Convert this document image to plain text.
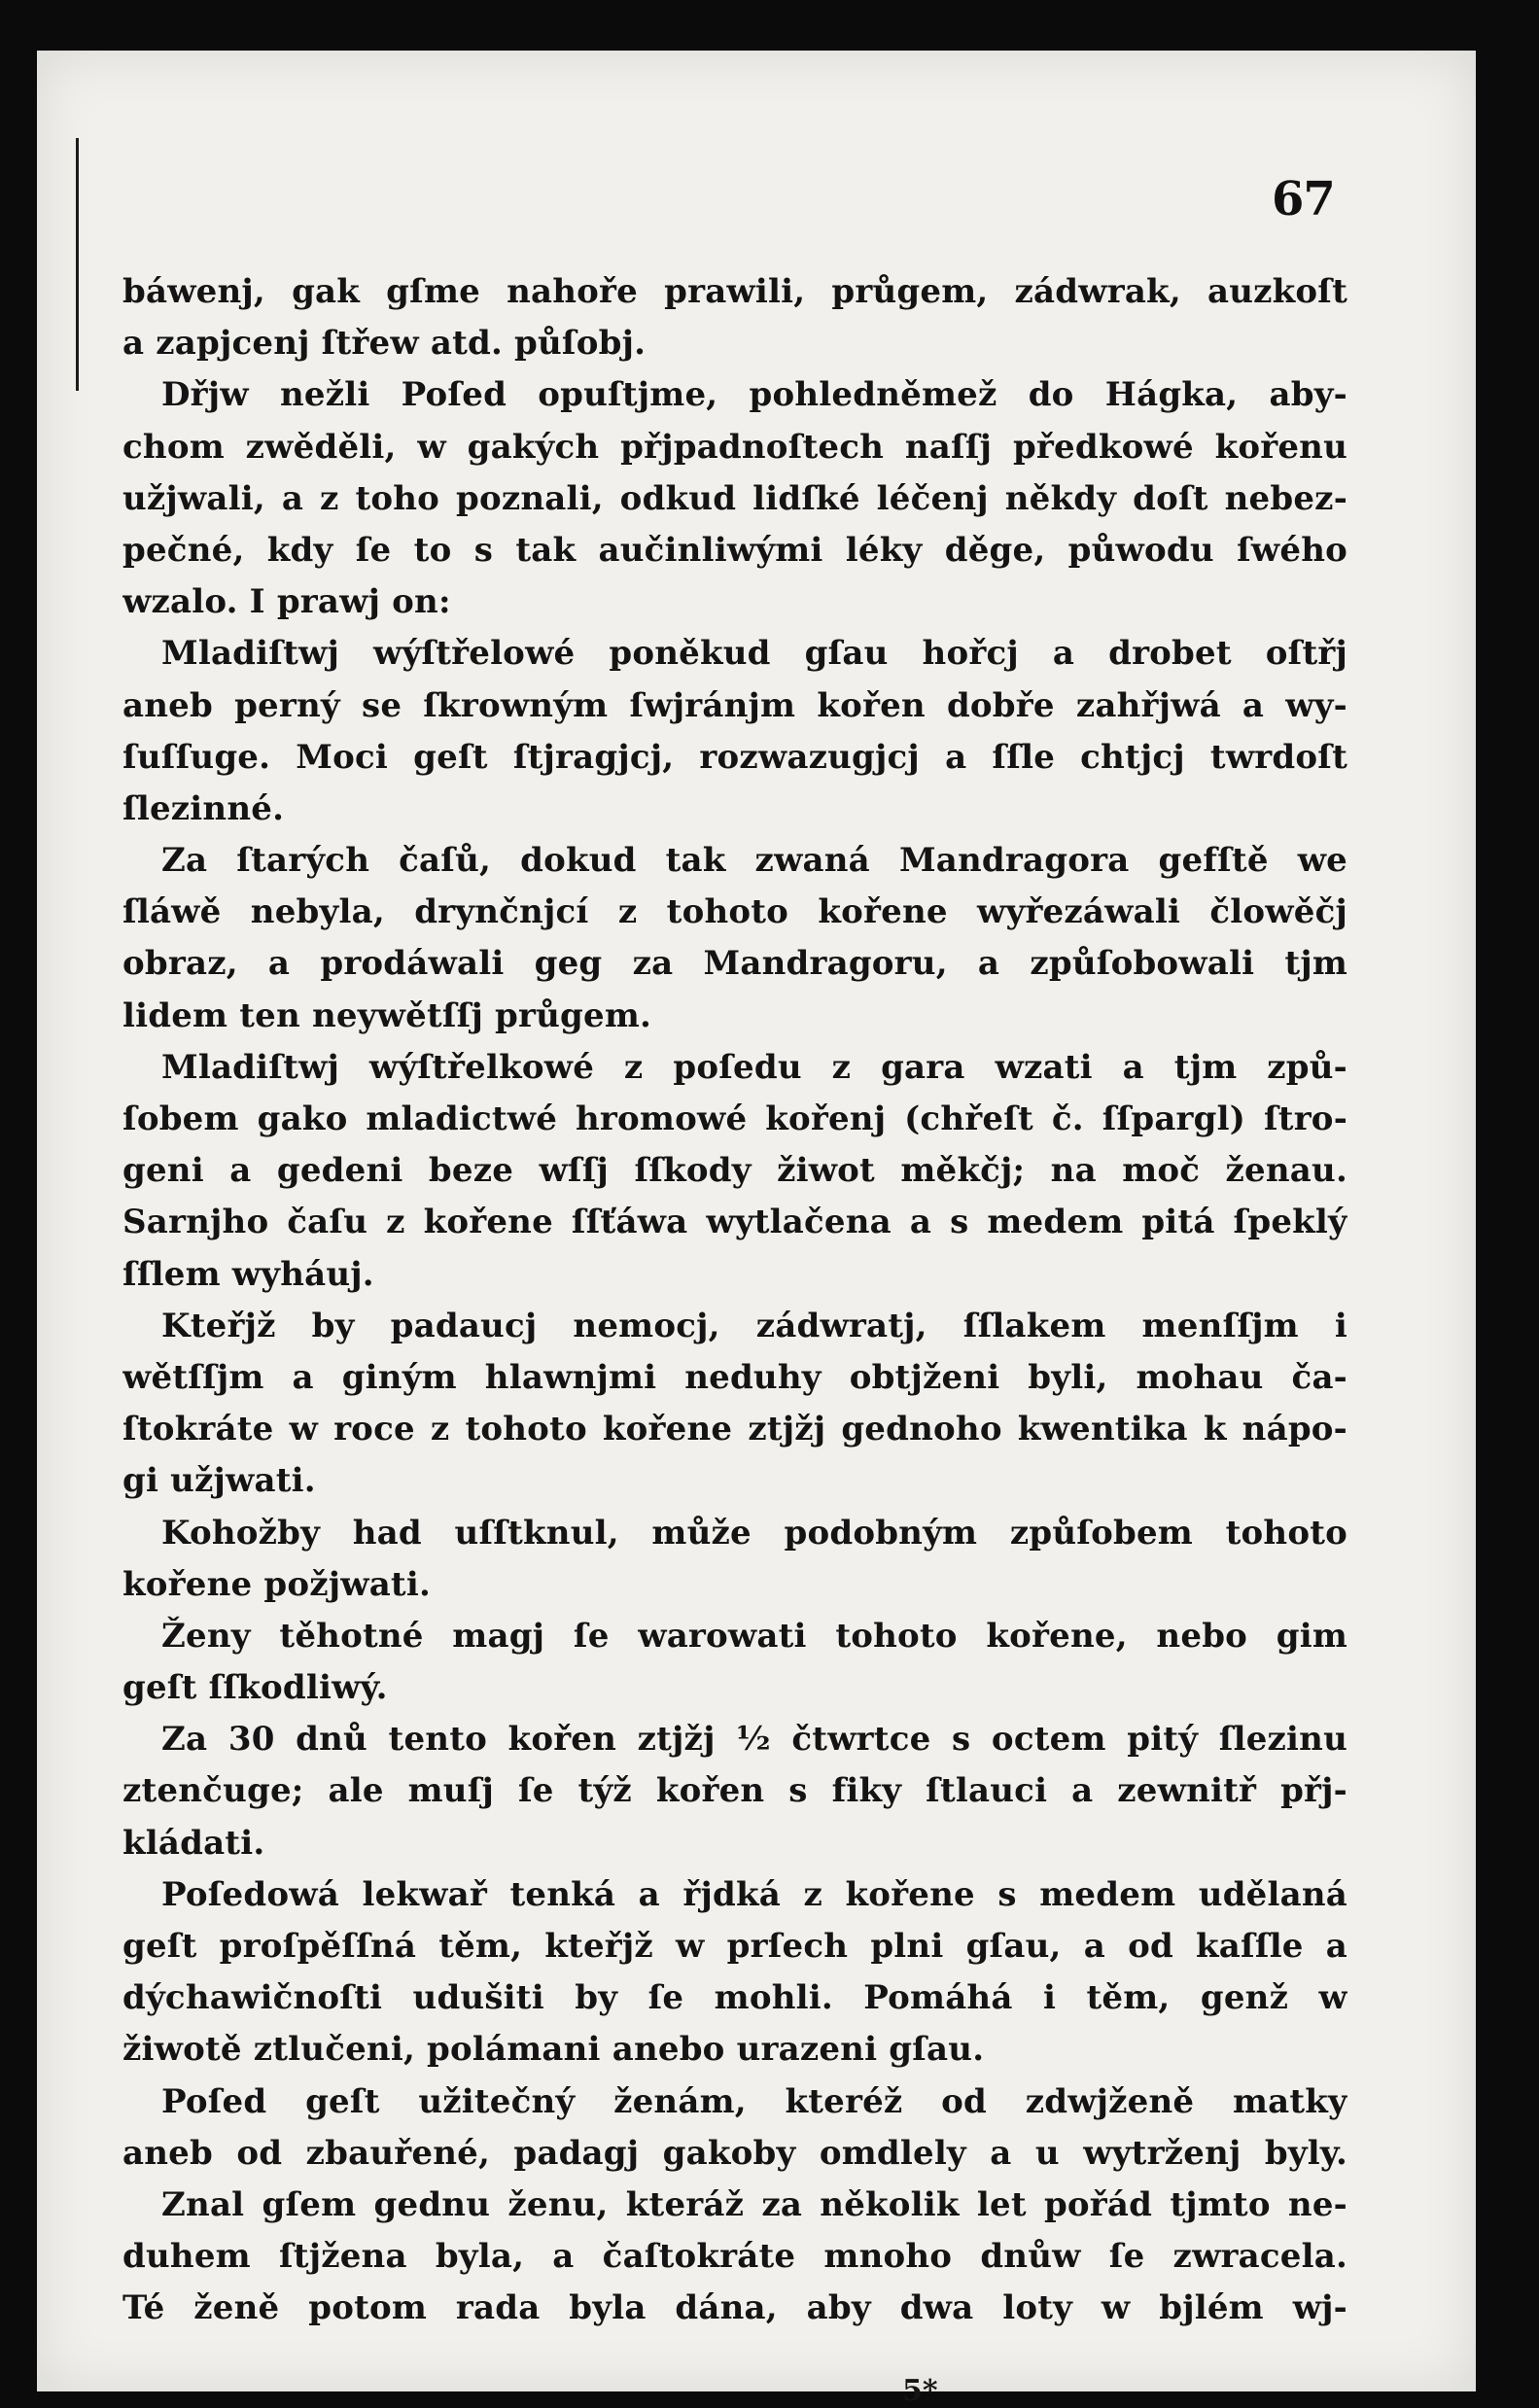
67
báwenj, gak gſme nahoře prawili, průgem, zádwrak, auzkoſt
a zapjcenj ſtřew atd. půſobj.
Dřjw nežli Poſed opuſtjme, pohledněmež do Hágka, aby-
chom zwěděli, w gakých přjpadnoſtech naſſj předkowé kořenu
užjwali, a z toho poznali, odkud lidſké léčenj někdy doſt nebez-
pečné, kdy ſe to s tak aučinliwými léky děge, půwodu ſwého
wzalo. I prawj on:
Mladiſtwj wýſtřelowé poněkud gſau hořcj a drobet oſtřj
aneb perný se ſkrowným ſwjránjm kořen dobře zahřjwá a wy-
ſuſſuge. Moci geſt ſtjragjcj, rozwazugjcj a ſſle chtjcj twrdoſt
ſlezinné.
Za ſtarých čaſů, dokud tak zwaná Mandragora gefſtě we
ſláwě nebyla, drynčnjcí z tohoto kořene wyřezáwali člowěčj
obraz, a prodáwali geg za Mandragoru, a způſobowali tjm
lidem ten neywětſſj průgem.
Mladiſtwj wýſtřelkowé z poſedu z gara wzati a tjm způ-
ſobem gako mladictwé hromowé kořenj (chřeſt č. ſſpargl) ſtro-
geni a gedeni beze wſſj ſſkody žiwot měkčj; na moč ženau.
Sarnjho čaſu z kořene ſſťáwa wytlačena a s medem pitá ſpeklý
ſſlem wyháuj.
Kteřjž by padaucj nemocj, zádwratj, ſſlakem menſſjm i
wětſſjm a giným hlawnjmi neduhy obtjženi byli, mohau ča-
ſtokráte w roce z tohoto kořene ztjžj gednoho kwentika k nápo-
gi užjwati.
Kohožby had uſſtknul, může podobným způſobem tohoto
kořene požjwati.
Ženy těhotné magj ſe warowati tohoto kořene, nebo gim
geſt ſſkodliwý.
Za 30 dnů tento kořen ztjžj ½ čtwrtce s octem pitý ſlezinu
ztenčuge; ale muſj ſe týž kořen s fiky ſtlauci a zewnitř přj-
kládati.
Poſedowá lekwař tenká a řjdká z kořene s medem udělaná
geſt proſpěſſná těm, kteřjž w prſech plni gſau, a od kaſſle a
dýchawičnoſti udušiti by ſe mohli. Pomáhá i těm, genž w
žiwotě ztlučeni, polámani anebo urazeni gſau.
Poſed geſt užitečný ženám, kteréž od zdwjženě matky
aneb od zbauřené, padagj gakoby omdlely a u wytrženj byly.
Znal gſem gednu ženu, kteráž za několik let pořád tjmto ne-
duhem ſtjžena byla, a čaſtokráte mnoho dnůw ſe zwracela.
Té ženě potom rada byla dána, aby dwa loty w bjlém wj-
5*
